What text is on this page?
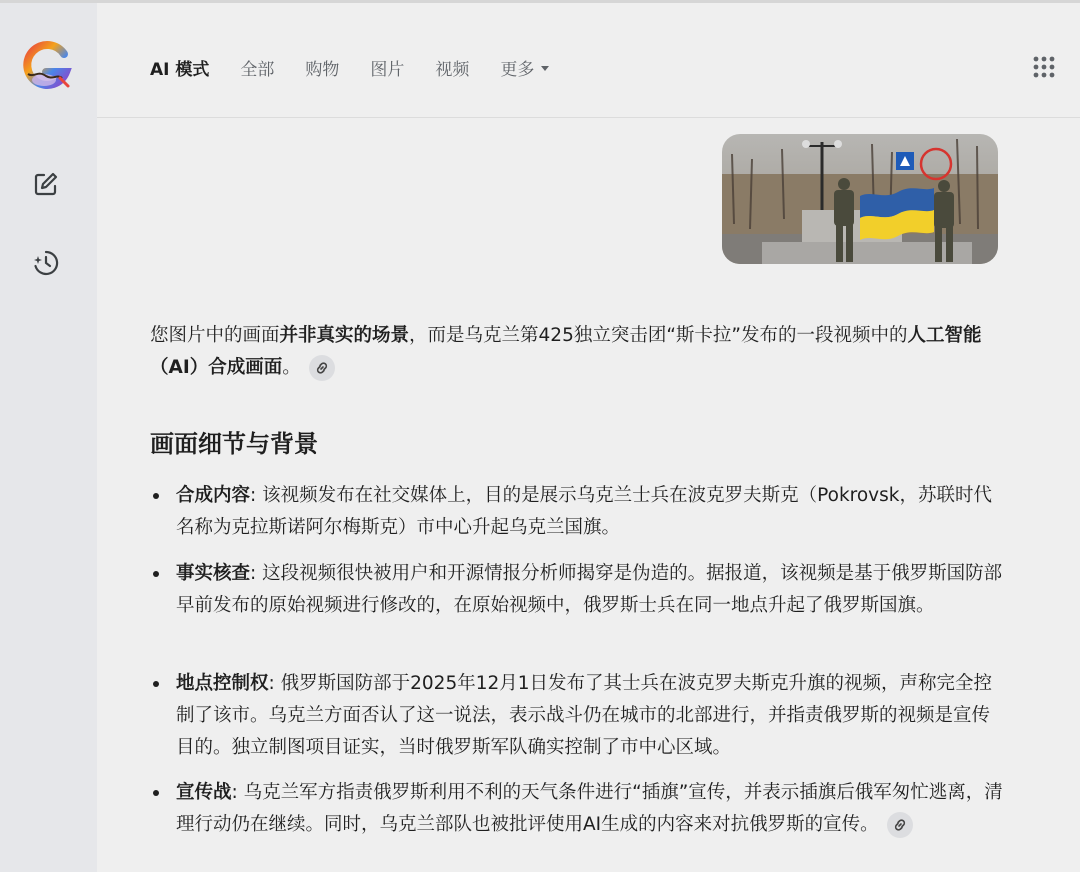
AI 模式 全部 购物 图片 视频 更多

您图片中的画面并非真实的场景，而是乌克兰第425独立突击团“斯卡拉”发布的一段视频中的人工智能（AI）合成画面。

画面细节与背景
合成内容: 该视频发布在社交媒体上，目的是展示乌克兰士兵在波克罗夫斯克（Pokrovsk，苏联时代名称为克拉斯诺阿尔梅斯克）市中心升起乌克兰国旗。
事实核查: 这段视频很快被用户和开源情报分析师揭穿是伪造的。据报道，该视频是基于俄罗斯国防部早前发布的原始视频进行修改的，在原始视频中，俄罗斯士兵在同一地点升起了俄罗斯国旗。
地点控制权: 俄罗斯国防部于2025年12月1日发布了其士兵在波克罗夫斯克升旗的视频，声称完全控制了该市。乌克兰方面否认了这一说法，表示战斗仍在城市的北部进行，并指责俄罗斯的视频是宣传目的。独立制图项目证实，当时俄罗斯军队确实控制了市中心区域。
宣传战: 乌克兰军方指责俄罗斯利用不利的天气条件进行“插旗”宣传，并表示插旗后俄军匆忙逃离，清理行动仍在继续。同时，乌克兰部队也被批评使用AI生成的内容来对抗俄罗斯的宣传。
